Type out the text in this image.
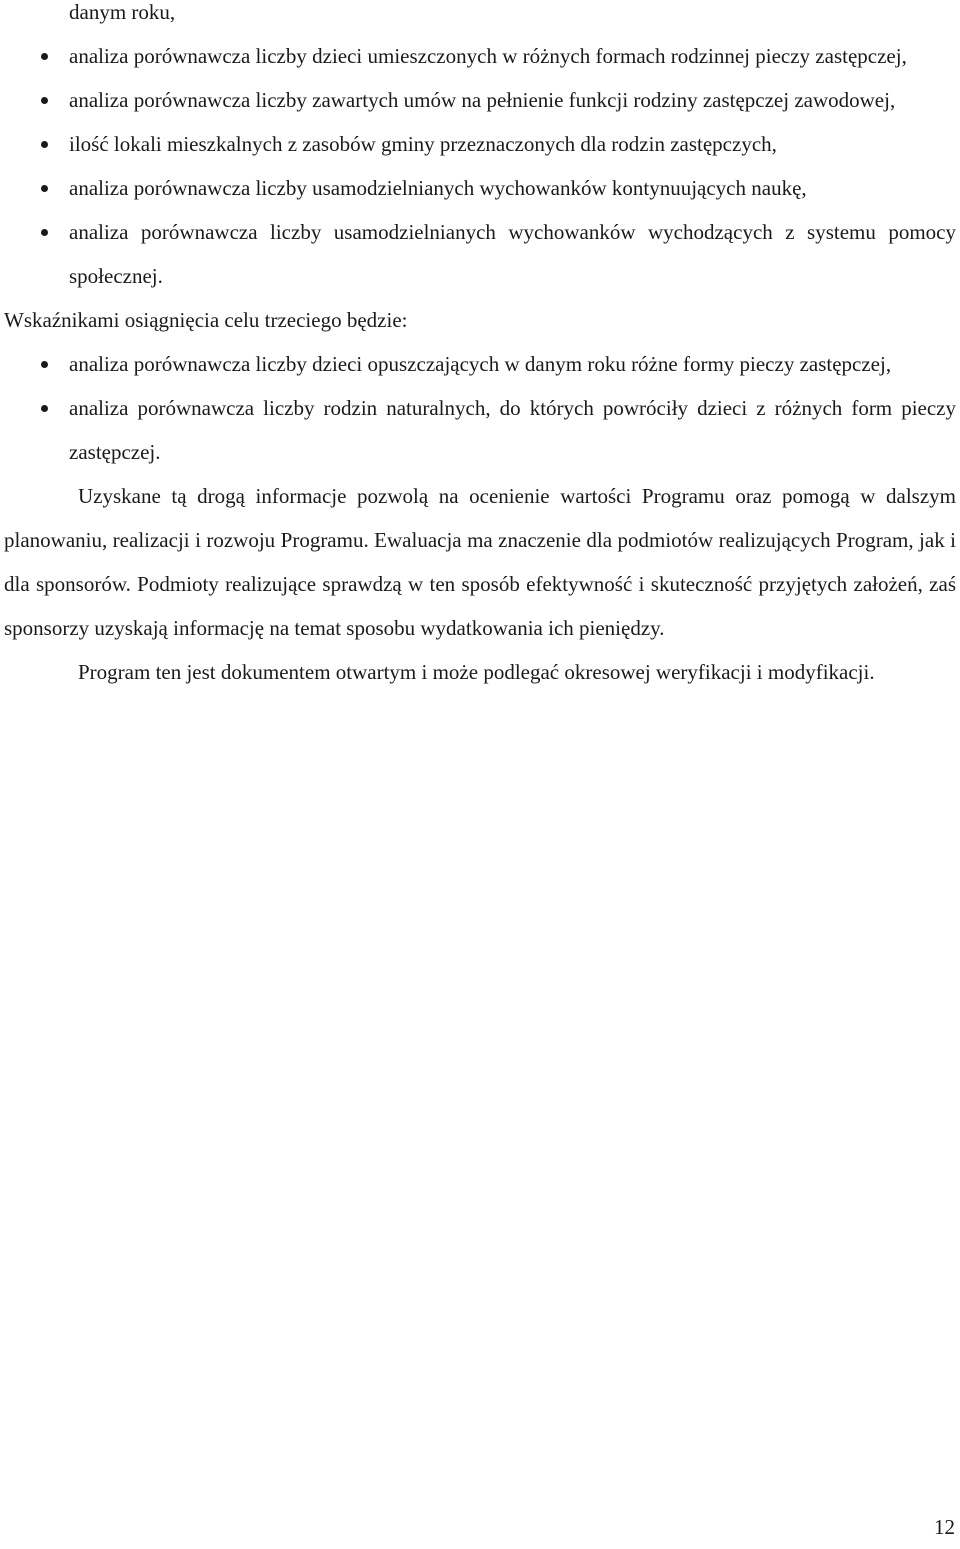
danym roku,

analiza porównawcza liczby dzieci umieszczonych w różnych formach rodzinnej pieczy zastępczej,
analiza porównawcza liczby zawartych umów na pełnienie funkcji rodziny zastępczej zawodowej,
ilość lokali mieszkalnych z zasobów gminy przeznaczonych dla rodzin zastępczych,
analiza porównawcza liczby usamodzielnianych wychowanków kontynuujących naukę,
analiza porównawcza liczby usamodzielnianych wychowanków wychodzących z systemu pomocy społecznej.

Wskaźnikami osiągnięcia celu trzeciego będzie:

analiza porównawcza liczby dzieci opuszczających w danym roku różne formy pieczy zastępczej,
analiza porównawcza liczby rodzin naturalnych, do których powróciły dzieci z różnych form pieczy zastępczej.

Uzyskane tą drogą informacje pozwolą na ocenienie wartości Programu oraz pomogą w dalszym planowaniu, realizacji i rozwoju Programu. Ewaluacja ma znaczenie dla podmiotów realizujących Program, jak i dla sponsorów. Podmioty realizujące sprawdzą w ten sposób efektywność i skuteczność przyjętych założeń, zaś sponsorzy uzyskają informację na temat sposobu wydatkowania ich pieniędzy.

Program ten jest dokumentem otwartym i może podlegać okresowej weryfikacji i modyfikacji.

12
